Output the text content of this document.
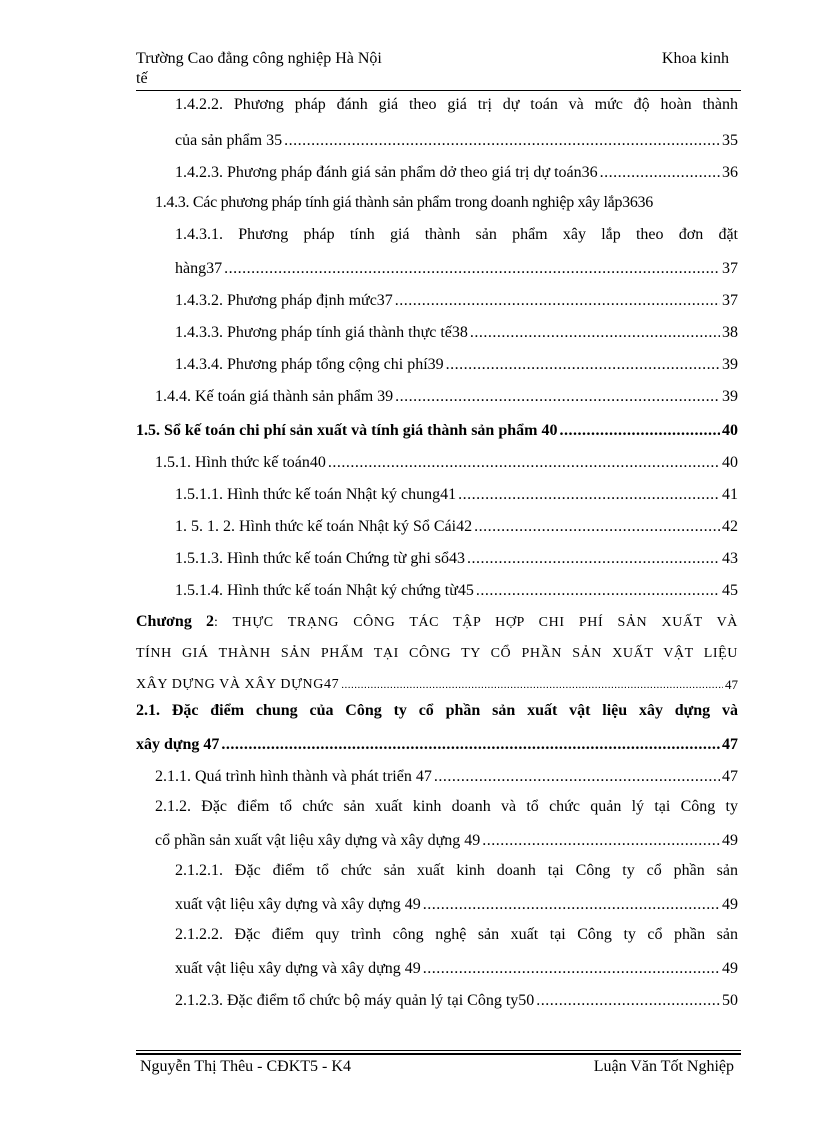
Trường Cao đẳng công nghiệp Hà Nội	Khoa kinh
tế
1.4.2.2. Phương pháp đánh giá theo giá trị dự toán và mức độ hoàn thành
của sản phẩm 35 .....	35
1.4.2.3. Phương pháp đánh giá sản phẩm dở theo giá trị dự toán36 .....	36
1.4.3. Các phương pháp tính giá thành sản phẩm trong doanh nghiệp xây lắp3636
1.4.3.1. Phương pháp tính giá thành sản phẩm xây lắp theo đơn đặt
hàng37 .....	37
1.4.3.2. Phương pháp định mức37 .....	37
1.4.3.3. Phương pháp tính giá thành thực tế38 .....	38
1.4.3.4. Phương pháp tổng cộng chi phí39 .....	39
1.4.4. Kế toán giá thành sản phẩm 39 .....	39
1.5. Sổ kế toán chi phí sản xuất và tính giá thành sản phẩm 40 .....	40
1.5.1. Hình thức kế toán40 .....	40
1.5.1.1. Hình thức kế toán Nhật ký chung41 .....	41
1. 5. 1. 2. Hình thức kế toán Nhật ký Sổ Cái42 .....	42
1.5.1.3. Hình thức kế toán Chứng từ ghi sổ43 .....	43
1.5.1.4. Hình thức kế toán Nhật ký chứng từ45 .....	45
Chương 2: THỰC TRẠNG CÔNG TÁC TẬP HỢP CHI PHÍ SẢN XUẤT VÀ
TÍNH GIÁ THÀNH SẢN PHẨM TẠI CÔNG TY CỔ PHẦN SẢN XUẤT VẬT LIỆU
XÂY DỰNG VÀ XÂY DỰNG47 .....	47
2.1. Đặc điểm chung của Công ty cổ phần sản xuất vật liệu xây dựng và
xây dựng 47 .....	47
2.1.1. Quá trình hình thành và phát triển 47 .....	47
2.1.2. Đặc điểm tổ chức sản xuất kinh doanh và tổ chức quản lý tại Công ty
cổ phần sản xuất vật liệu xây dựng và xây dựng 49 .....	49
2.1.2.1. Đặc điểm tổ chức sản xuất kinh doanh tại Công ty cổ phần sản
xuất vật liệu xây dựng và xây dựng 49 .....	49
2.1.2.2. Đặc điểm quy trình công nghệ sản xuất tại Công ty cổ phần sản
xuất vật liệu xây dựng và xây dựng 49 .....	49
2.1.2.3. Đặc điểm tổ chức bộ máy quản lý tại Công ty50 .....	50
Nguyễn Thị Thêu - CĐKT5 - K4	Luận Văn Tốt Nghiệp
